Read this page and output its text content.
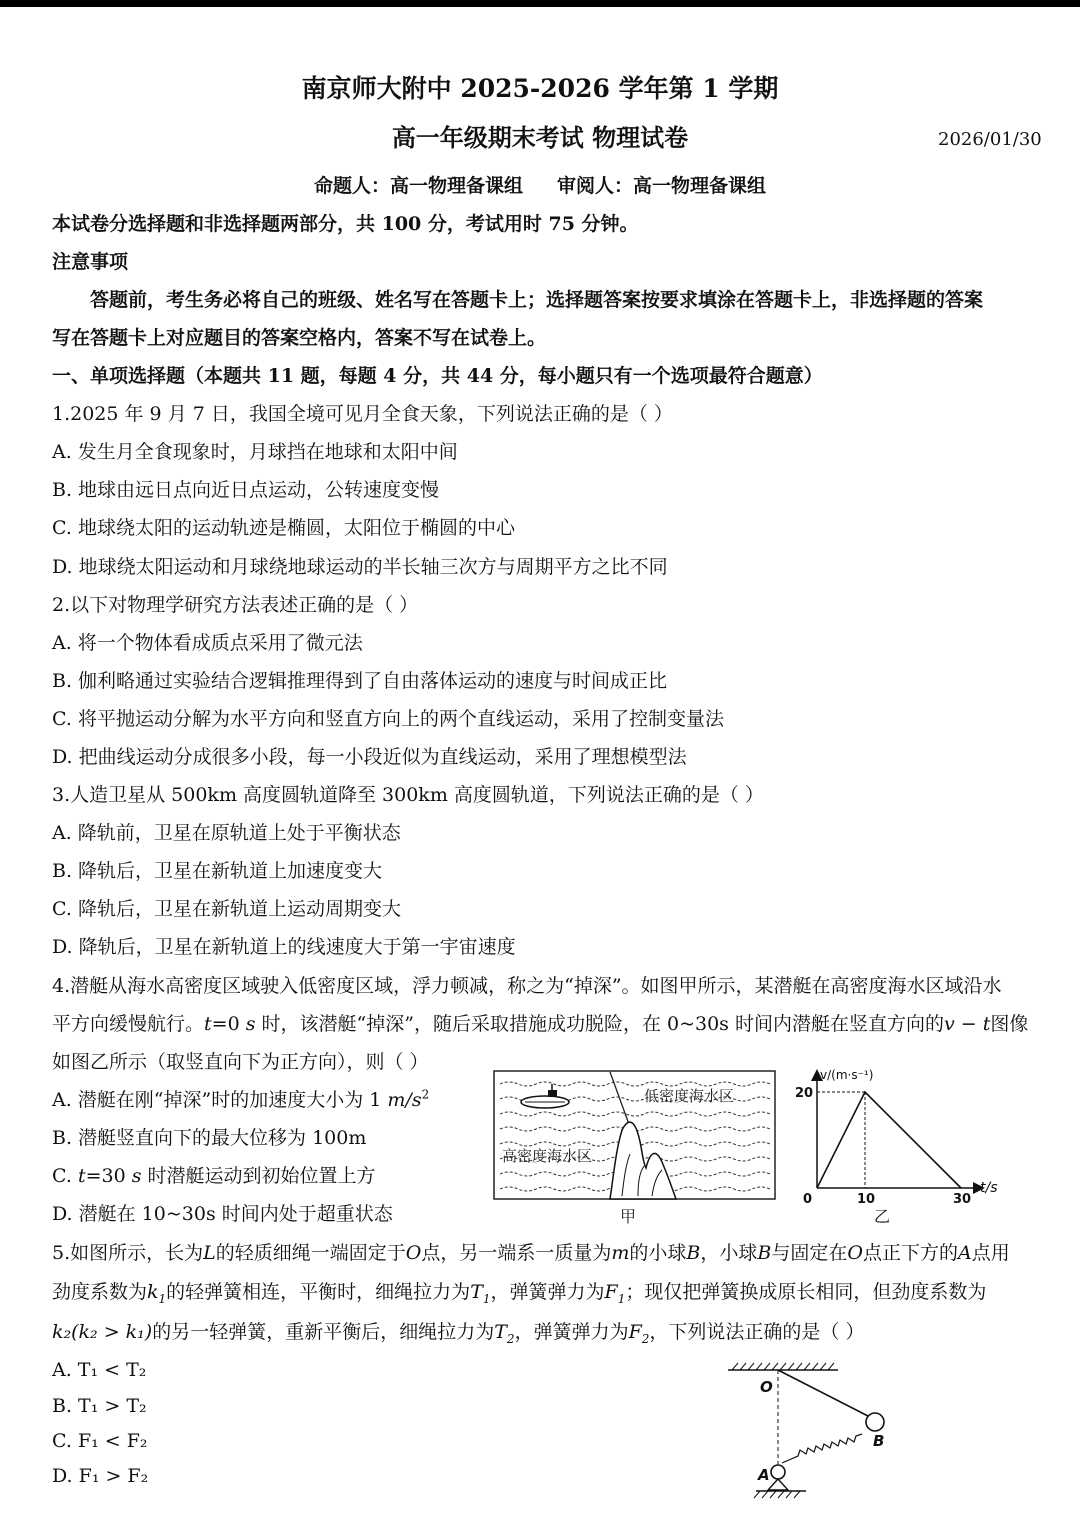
南京师大附中 2025-2026 学年第 1 学期
高一年级期末考试 物理试卷	2026/01/30
命题人：高一物理备课组 审阅人：高一物理备课组
本试卷分选择题和非选择题两部分，共 100 分，考试用时 75 分钟。
注意事项
答题前，考生务必将自己的班级、姓名写在答题卡上；选择题答案按要求填涂在答题卡上，非选择题的答案
写在答题卡上对应题目的答案空格内，答案不写在试卷上。
一、单项选择题（本题共 11 题，每题 4 分，共 44 分，每小题只有一个选项最符合题意）
1.2025 年 9 月 7 日，我国全境可见月全食天象，下列说法正确的是（ ）
A. 发生月全食现象时，月球挡在地球和太阳中间
B. 地球由远日点向近日点运动，公转速度变慢
C. 地球绕太阳的运动轨迹是椭圆，太阳位于椭圆的中心
D. 地球绕太阳运动和月球绕地球运动的半长轴三次方与周期平方之比不同
2.以下对物理学研究方法表述正确的是（ ）
A. 将一个物体看成质点采用了微元法
B. 伽利略通过实验结合逻辑推理得到了自由落体运动的速度与时间成正比
C. 将平抛运动分解为水平方向和竖直方向上的两个直线运动，采用了控制变量法
D. 把曲线运动分成很多小段，每一小段近似为直线运动，采用了理想模型法
3.人造卫星从 500km 高度圆轨道降至 300km 高度圆轨道，下列说法正确的是（ ）
A. 降轨前，卫星在原轨道上处于平衡状态
B. 降轨后，卫星在新轨道上加速度变大
C. 降轨后，卫星在新轨道上运动周期变大
D. 降轨后，卫星在新轨道上的线速度大于第一宇宙速度
4.潜艇从海水高密度区域驶入低密度区域，浮力顿减，称之为“掉深”。如图甲所示，某潜艇在高密度海水区域沿水
平方向缓慢航行。t=0 s 时，该潜艇“掉深”，随后采取措施成功脱险，在 0~30s 时间内潜艇在竖直方向的v − t图像
如图乙所示（取竖直向下为正方向），则（ ）
A. 潜艇在刚“掉深”时的加速度大小为 1 $m/s^2$
B. 潜艇竖直向下的最大位移为 100m
C. t=30 s 时潜艇运动到初始位置上方
D. 潜艇在 10~30s 时间内处于超重状态
低密度海水区
高密度海水区
甲
0	10	30
20
v/(m·s⁻¹)
t/s
乙
5.如图所示，长为L的轻质细绳一端固定于O点，另一端系一质量为m的小球B，小球B与固定在O点正下方的A点用
劲度系数为$k_1$的轻弹簧相连，平衡时，细绳拉力为$T_1$，弹簧弹力为$F_1$；现仅把弹簧换成原长相同，但劲度系数为
k₂(k₂ > k₁)的另一轻弹簧，重新平衡后，细绳拉力为$T_2$，弹簧弹力为$F_2$，下列说法正确的是（ ）
A. T₁ < T₂
B. T₁ > T₂
C. F₁ < F₂
D. F₁ > F₂
O
B
A
